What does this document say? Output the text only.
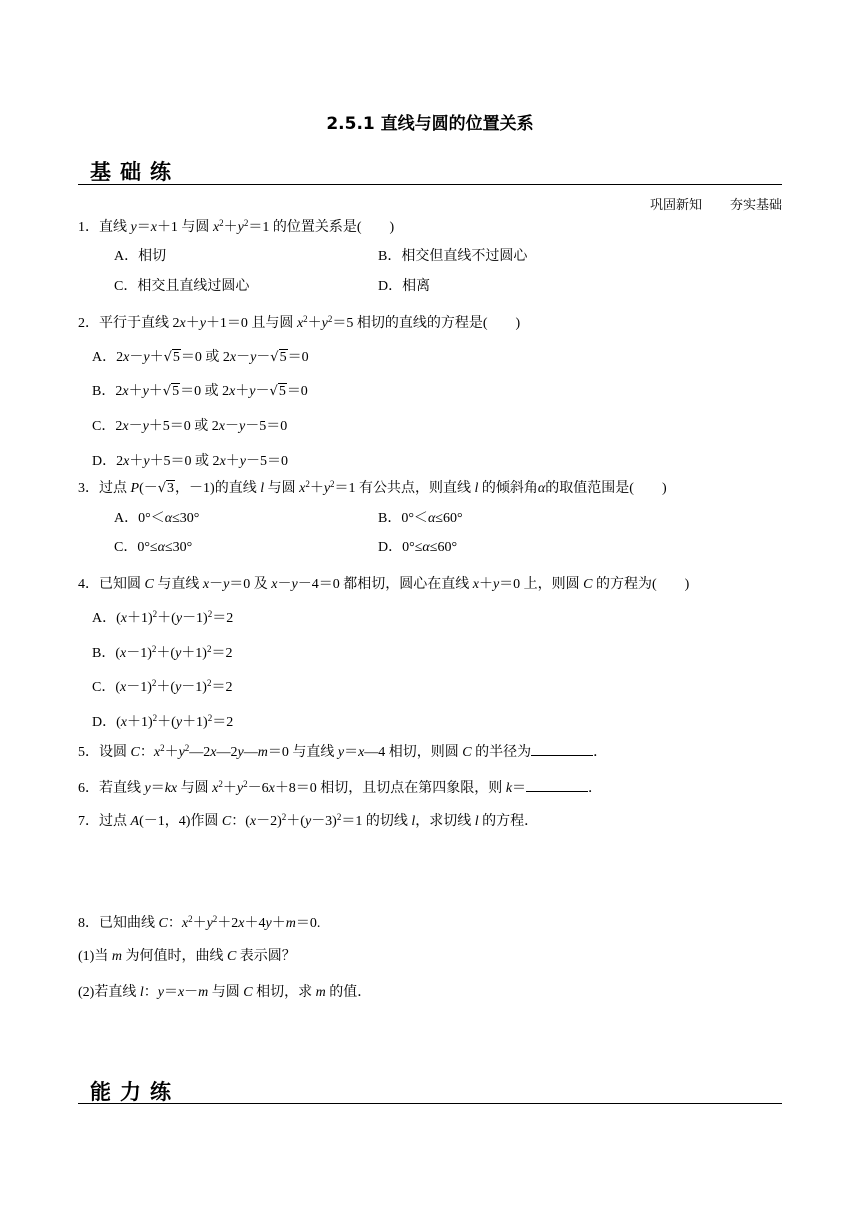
2.5.1 直线与圆的位置关系
基础练
巩固新知 夯实基础
1．直线 y＝x＋1 与圆 $x^2+y^2=1$ 的位置关系是(　　)
A．相切	B．相交但直线不过圆心
C．相交且直线过圆心	D．相离
2．平行于直线 2x＋y＋1＝0 且与圆 $x^2+y^2=5$ 相切的直线的方程是(　　)
A．2x－y＋√5＝0 或 2x－y－√5＝0
B．2x＋y＋√5＝0 或 2x＋y－√5＝0
C．2x－y＋5＝0 或 2x－y－5＝0
D．2x＋y＋5＝0 或 2x＋y－5＝0
3．过点 P(－√3，－1)的直线 l 与圆 $x^2+y^2=1$ 有公共点，则直线 l 的倾斜角α的取值范围是(　　)
A．0°＜α≤30°	B．0°＜α≤60°
C．0°≤α≤30°	D．0°≤α≤60°
4．已知圆 C 与直线 x－y＝0 及 x－y－4＝0 都相切，圆心在直线 x＋y＝0 上，则圆 C 的方程为(　　)
A．$(x+1)^2+(y-1)^2=2$
B．$(x-1)^2+(y+1)^2=2$
C．$(x-1)^2+(y-1)^2=2$
D．$(x+1)^2+(y+1)^2=2$
5．设圆 C：$x^2+y^2—2x—2y—m=0$ 与直线 y＝x—4 相切，则圆 C 的半径为	．
6．若直线 y＝kx 与圆 $x^2+y^2-6x+8=0$ 相切，且切点在第四象限，则 k＝	．
7．过点 A(－1，4)作圆 C：$(x-2)^2+(y-3)^2=1$ 的切线 l，求切线 l 的方程．
8．已知曲线 C：$x^2+y^2+2x+4y+m=0$.
(1)当 m 为何值时，曲线 C 表示圆？
(2)若直线 l：y＝x－m 与圆 C 相切，求 m 的值．
能力练
